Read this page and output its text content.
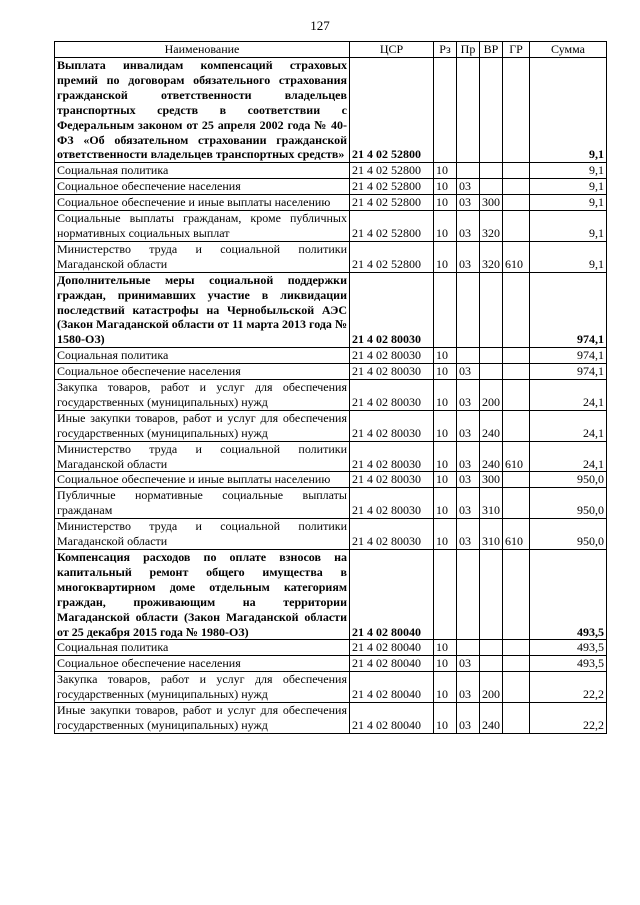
127
Наименование	ЦСР	Рз	Пр	ВР	ГР	Сумма
Выплата инвалидам компенсаций страховых премий по договорам обязательного страхования гражданской ответственности владельцев транспортных средств в соответствии с Федеральным законом от 25 апреля 2002 года № 40-ФЗ «Об обязательном страховании гражданской ответственности владельцев транспортных средств»	21 4 02 52800					9,1
Социальная политика	21 4 02 52800	10				9,1
Социальное обеспечение населения	21 4 02 52800	10	03			9,1
Социальное обеспечение и иные выплаты населению	21 4 02 52800	10	03	300		9,1
Социальные выплаты гражданам, кроме публичных нормативных социальных выплат	21 4 02 52800	10	03	320		9,1
Министерство труда и социальной политики Магаданской области	21 4 02 52800	10	03	320	610	9,1
Дополнительные меры социальной поддержки граждан, принимавших участие в ликвидации последствий катастрофы на Чернобыльской АЭС (Закон Магаданской области от 11 марта 2013 года № 1580-ОЗ)	21 4 02 80030					974,1
Социальная политика	21 4 02 80030	10				974,1
Социальное обеспечение населения	21 4 02 80030	10	03			974,1
Закупка товаров, работ и услуг для обеспечения государственных (муниципальных) нужд	21 4 02 80030	10	03	200		24,1
Иные закупки товаров, работ и услуг для обеспечения государственных (муниципальных) нужд	21 4 02 80030	10	03	240		24,1
Министерство труда и социальной политики Магаданской области	21 4 02 80030	10	03	240	610	24,1
Социальное обеспечение и иные выплаты населению	21 4 02 80030	10	03	300		950,0
Публичные нормативные социальные выплаты гражданам	21 4 02 80030	10	03	310		950,0
Министерство труда и социальной политики Магаданской области	21 4 02 80030	10	03	310	610	950,0
Компенсация расходов по оплате взносов на капитальный ремонт общего имущества в многоквартирном доме отдельным категориям граждан, проживающим на территории Магаданской области (Закон Магаданской области от 25 декабря 2015 года № 1980-ОЗ)	21 4 02 80040					493,5
Социальная политика	21 4 02 80040	10				493,5
Социальное обеспечение населения	21 4 02 80040	10	03			493,5
Закупка товаров, работ и услуг для обеспечения государственных (муниципальных) нужд	21 4 02 80040	10	03	200		22,2
Иные закупки товаров, работ и услуг для обеспечения государственных (муниципальных) нужд	21 4 02 80040	10	03	240		22,2
